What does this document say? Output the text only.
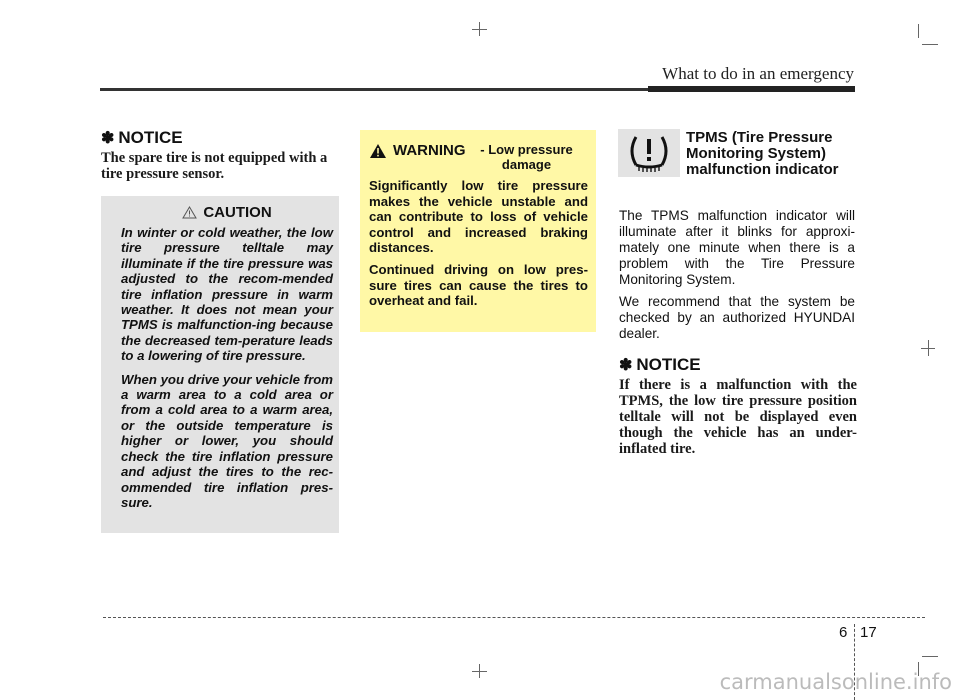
What to do in an emergency
✽ NOTICE
The spare tire is not equipped with a tire pressure sensor.
CAUTION

In winter or cold weather, the low tire pressure telltale may illuminate if the tire pressure was adjusted to the recom-mended tire inflation pressure in warm weather. It does not mean your TPMS is malfunction-ing because the decreased tem-perature leads to a lowering of tire pressure.

When you drive your vehicle from a warm area to a cold area or from a cold area to a warm area, or the outside temperature is higher or lower, you should check the tire inflation pressure and adjust the tires to the rec-ommended tire inflation pres-sure.

WARNING	- Low pressure damage

Significantly low tire pressure makes the vehicle unstable and can contribute to loss of vehicle control and increased braking distances.

Continued driving on low pres-sure tires can cause the tires to overheat and fail.

TPMS (Tire Pressure Monitoring System) malfunction indicator

The TPMS malfunction indicator will illuminate after it blinks for approxi-mately one minute when there is a problem with the Tire Pressure Monitoring System.

We recommend that the system be checked by an authorized HYUNDAI dealer.

✽ NOTICE
If there is a malfunction with the TPMS, the low tire pressure position telltale will not be displayed even though the vehicle has an under-inflated tire.
6 17
carmanualsonline.info
